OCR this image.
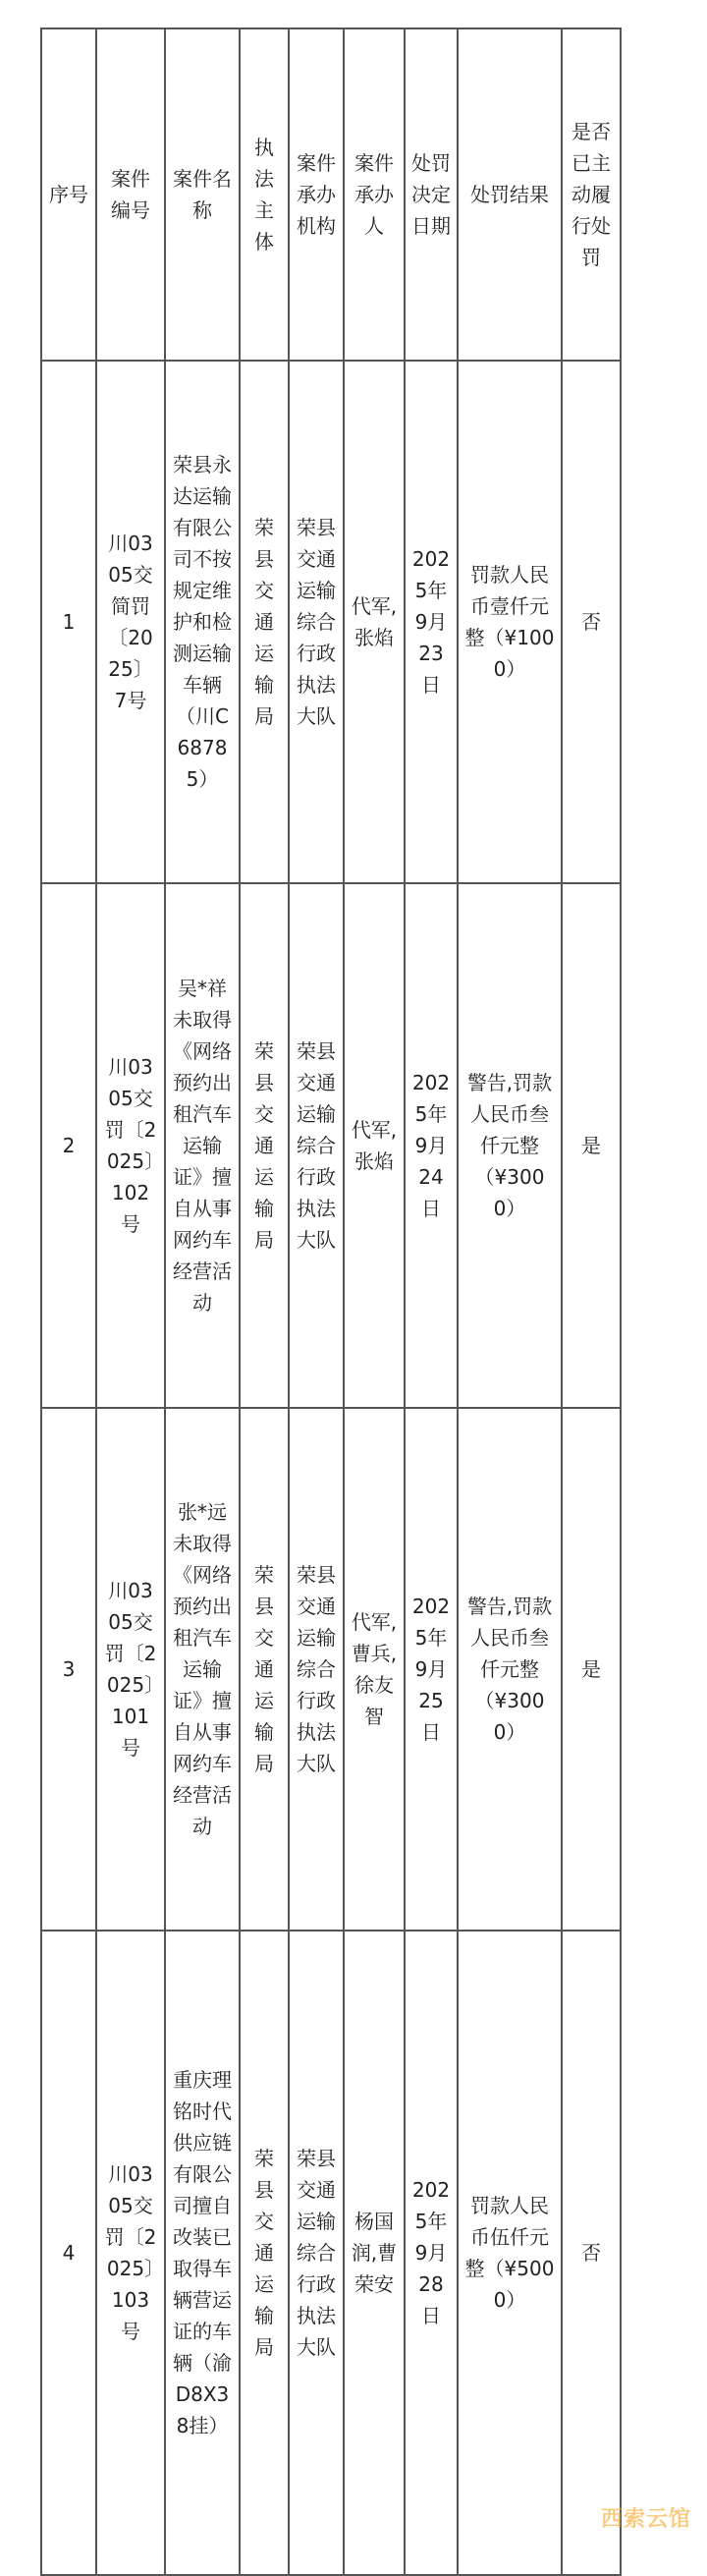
序号	案件编号	案件名称	执法主体	案件承办机构	案件承办人	处罚决定日期	处罚结果	是否已主动履行处罚
1	川0305交简罚〔2025〕7号	荣县永达运输有限公司不按规定维护和检测运输车辆（川C68785）	荣县交通运输局	荣县交通运输综合行政执法大队	代军,张焰	2025年9月23日	罚款人民币壹仟元整（¥1000）	否
2	川0305交罚〔2025〕102号	吴*祥未取得《网络预约出租汽车运输证》擅自从事网约车经营活动	荣县交通运输局	荣县交通运输综合行政执法大队	代军,张焰	2025年9月24日	警告,罚款人民币叁仟元整（¥3000）	是
3	川0305交罚〔2025〕101号	张*远未取得《网络预约出租汽车运输证》擅自从事网约车经营活动	荣县交通运输局	荣县交通运输综合行政执法大队	代军,曹兵,徐友智	2025年9月25日	警告,罚款人民币叁仟元整（¥3000）	是
4	川0305交罚〔2025〕103号	重庆理铭时代供应链有限公司擅自改装已取得车辆营运证的车辆（渝D8X38挂）	荣县交通运输局	荣县交通运输综合行政执法大队	杨国润,曹荣安	2025年9月28日	罚款人民币伍仟元整（¥5000）	否
西索云馆
